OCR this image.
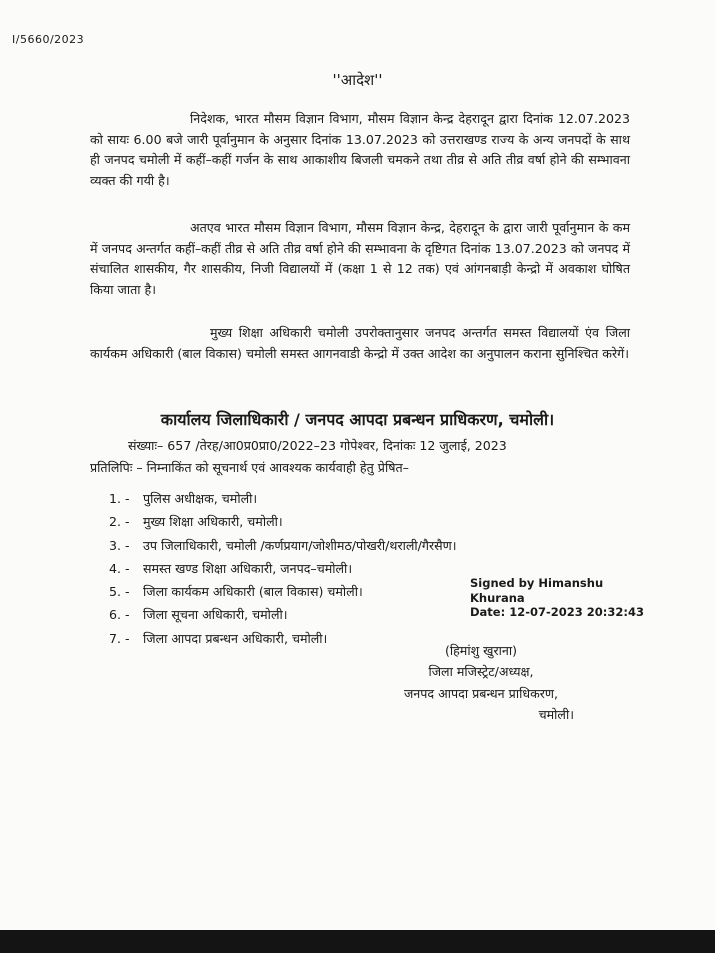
I/5660/2023
''आदेश''

निदेशक, भारत मौसम विज्ञान विभाग, मौसम विज्ञान केन्द्र देहरादून द्वारा दिनांक 12.07.2023 को सायः 6.00 बजे जारी पूर्वानुमान के अनुसार दिनांक 13.07.2023 को उत्तराखण्ड राज्य के अन्य जनपदों के साथ ही जनपद चमोली में कहीं–कहीं गर्जन के साथ आकाशीय बिजली चमकने तथा तीव्र से अति तीव्र वर्षा होने की सम्भावना व्यक्त की गयी है।

अतएव भारत मौसम विज्ञान विभाग, मौसम विज्ञान केन्द्र, देहरादून के द्वारा जारी पूर्वानुमान के कम में जनपद अन्तर्गत कहीं–कहीं तीव्र से अति तीव्र वर्षा होने की सम्भावना के दृष्टिगत दिनांक 13.07.2023 को जनपद में संचालित शासकीय, गैर शासकीय, निजी विद्यालयों में (कक्षा 1 से 12 तक) एवं आंगनबाड़ी केन्द्रो में अवकाश घोषित किया जाता है।

मुख्य शिक्षा अधिकारी चमोली उपरोक्तानुसार जनपद अन्तर्गत समस्त विद्यालयों एंव जिला कार्यकम अधिकारी (बाल विकास) चमोली समस्त आगनवाडी केन्द्रो में उक्त आदेश का अनुपालन कराना सुनिश्चित करेगें।

कार्यालय जिलाधिकारी / जनपद आपदा प्रबन्धन प्राधिकरण, चमोली।
संख्याः– 657 /तेरह/आ0प्र0प्रा0/2022–23 गोपेश्वर, दिनांकः 12 जुलाई, 2023
प्रतिलिपिः – निम्नाकिंत को सूचनार्थ एवं आवश्यक कार्यवाही हेतु प्रेषित–
1. - पुलिस अधीक्षक, चमोली।
2. - मुख्य शिक्षा अधिकारी, चमोली।
3. - उप जिलाधिकारी, चमोली /कर्णप्रयाग/जोशीमठ/पोखरी/थराली/गैरसैण।
4. - समस्त खण्ड शिक्षा अधिकारी, जनपद–चमोली।
5. - जिला कार्यकम अधिकारी (बाल विकास) चमोली।
6. - जिला सूचना अधिकारी, चमोली।
7. - जिला आपदा प्रबन्धन अधिकारी, चमोली।
Signed by Himanshu
Khurana
Date: 12-07-2023 20:32:43
(हिमांशु खुराना)
जिला मजिस्ट्रेट/अध्यक्ष,
जनपद आपदा प्रबन्धन प्राधिकरण,
चमोली।
